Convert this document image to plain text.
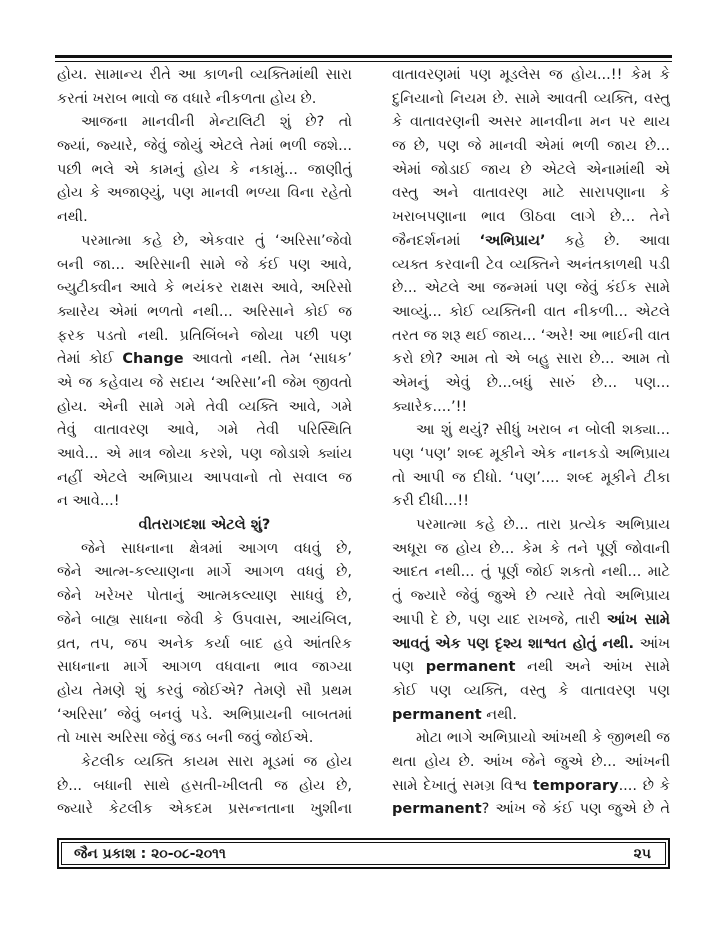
હોય. સામાન્ય રીતે આ કાળની વ્યક્તિમાંથી સારા
કરતાં ખરાબ ભાવો જ વધારે નીકળતા હોય છે.
આજના માનવીની મેન્ટાલિટી શું છે? તો
જ્યાં, જ્યારે, જેવું જોયું એટલે તેમાં ભળી જશે...
પછી ભલે એ કામનું હોય કે નકામું... જાણીતું
હોય કે અજાણ્યું, પણ માનવી ભળ્યા વિના રહેતો
નથી.
પરમાત્મા કહે છે, એકવાર તું ‘અરિસા’જેવો
બની જા... અરિસાની સામે જે કંઈ પણ આવે,
બ્યુટીક્વીન આવે કે ભયંકર રાક્ષસ આવે, અરિસો
ક્યારેય એમાં ભળતો નથી... અરિસાને કોઈ જ
ફરક પડતો નથી. પ્રતિબિંબને જોયા પછી પણ
તેમાં કોઈ Change આવતો નથી. તેમ ‘સાધક’
એ જ કહેવાય જે સદાય ‘અરિસા’ની જેમ જીવતો
હોય. એની સામે ગમે તેવી વ્યક્તિ આવે, ગમે
તેવું વાતાવરણ આવે, ગમે તેવી પરિસ્થિતિ
આવે... એ માત્ર જોયા કરશે, પણ જોડાશે ક્યાંય
નહીં એટલે અભિપ્રાય આપવાનો તો સવાલ જ
ન આવે...!
વીતરાગદશા એટલે શું?
જેને સાધનાના ક્ષેત્રમાં આગળ વધવું છે,
જેને આત્મ-કલ્યાણના માર્ગે આગળ વધવું છે,
જેને ખરેખર પોતાનું આત્મકલ્યાણ સાધવું છે,
જેને બાહ્ય સાધના જેવી કે ઉપવાસ, આયંબિલ,
વ્રત, તપ, જપ અનેક કર્યા બાદ હવે આંતરિક
સાધનાના માર્ગે આગળ વધવાના ભાવ જાગ્યા
હોય તેમણે શું કરવું જોઈએ? તેમણે સૌ પ્રથમ
‘અરિસા’ જેવું બનવું પડે. અભિપ્રાયની બાબતમાં
તો ખાસ અરિસા જેવું જડ બની જવું જોઈએ.
કેટલીક વ્યક્તિ કાયમ સારા મૂડમાં જ હોય
છે... બધાની સાથે હસતી-ખીલતી જ હોય છે,
જ્યારે કેટલીક એકદમ પ્રસન્નતાના ખુશીના
વાતાવરણમાં પણ મૂડલેસ જ હોય...!! કેમ કે
દુનિયાનો નિયમ છે. સામે આવતી વ્યક્તિ, વસ્તુ
કે વાતાવરણની અસર માનવીના મન પર થાય
જ છે, પણ જે માનવી એમાં ભળી જાય છે...
એમાં જોડાઈ જાય છે એટલે એનામાંથી એ
વસ્તુ અને વાતાવરણ માટે સારાપણાના કે
ખરાબપણાના ભાવ ઊઠવા લાગે છે... તેને
જૈનદર્શનમાં ‘અભિપ્રાય’ કહે છે. આવા
વ્યક્ત કરવાની ટેવ વ્યક્તિને અનંતકાળથી પડી
છે... એટલે આ જન્મમાં પણ જેવું કંઈક સામે
આવ્યું... કોઈ વ્યક્તિની વાત નીકળી... એટલે
તરત જ શરૂ થઈ જાય... ‘અરે! આ ભાઈની વાત
કરો છો? આમ તો એ બહુ સારા છે... આમ તો
એમનું એવું છે...બધું સારું છે... પણ...
ક્યારેક....’!!
આ શું થયું? સીધું ખરાબ ન બોલી શક્યા...
પણ ‘પણ’ શબ્દ મૂકીને એક નાનકડો અભિપ્રાય
તો આપી જ દીધો. ‘પણ’.... શબ્દ મૂકીને ટીકા
કરી દીધી...!!
પરમાત્મા કહે છે... તારા પ્રત્યેક અભિપ્રાય
અધૂરા જ હોય છે... કેમ કે તને પૂર્ણ જોવાની
આદત નથી... તું પૂર્ણ જોઈ શકતો નથી... માટે
તું જ્યારે જેવું જુએ છે ત્યારે તેવો અભિપ્રાય
આપી દે છે, પણ યાદ રાખજે, તારી આંખ સામે
આવતું એક પણ દૃશ્ય શાશ્વત હોતું નથી. આંખ
પણ permanent નથી અને આંખ સામે
કોઈ પણ વ્યક્તિ, વસ્તુ કે વાતાવરણ પણ
permanent નથી.
મોટા ભાગે અભિપ્રાયો આંખથી કે જીભથી જ
થતા હોય છે. આંખ જેને જુએ છે... આંખની
સામે દેખાતું સમગ્ર વિશ્વ temporary.... છે કે
permanent? આંખ જે કંઈ પણ જુએ છે તે
જૈન પ્રકાશ : ૨૦-૦૮-૨૦૧૧	૨૫
